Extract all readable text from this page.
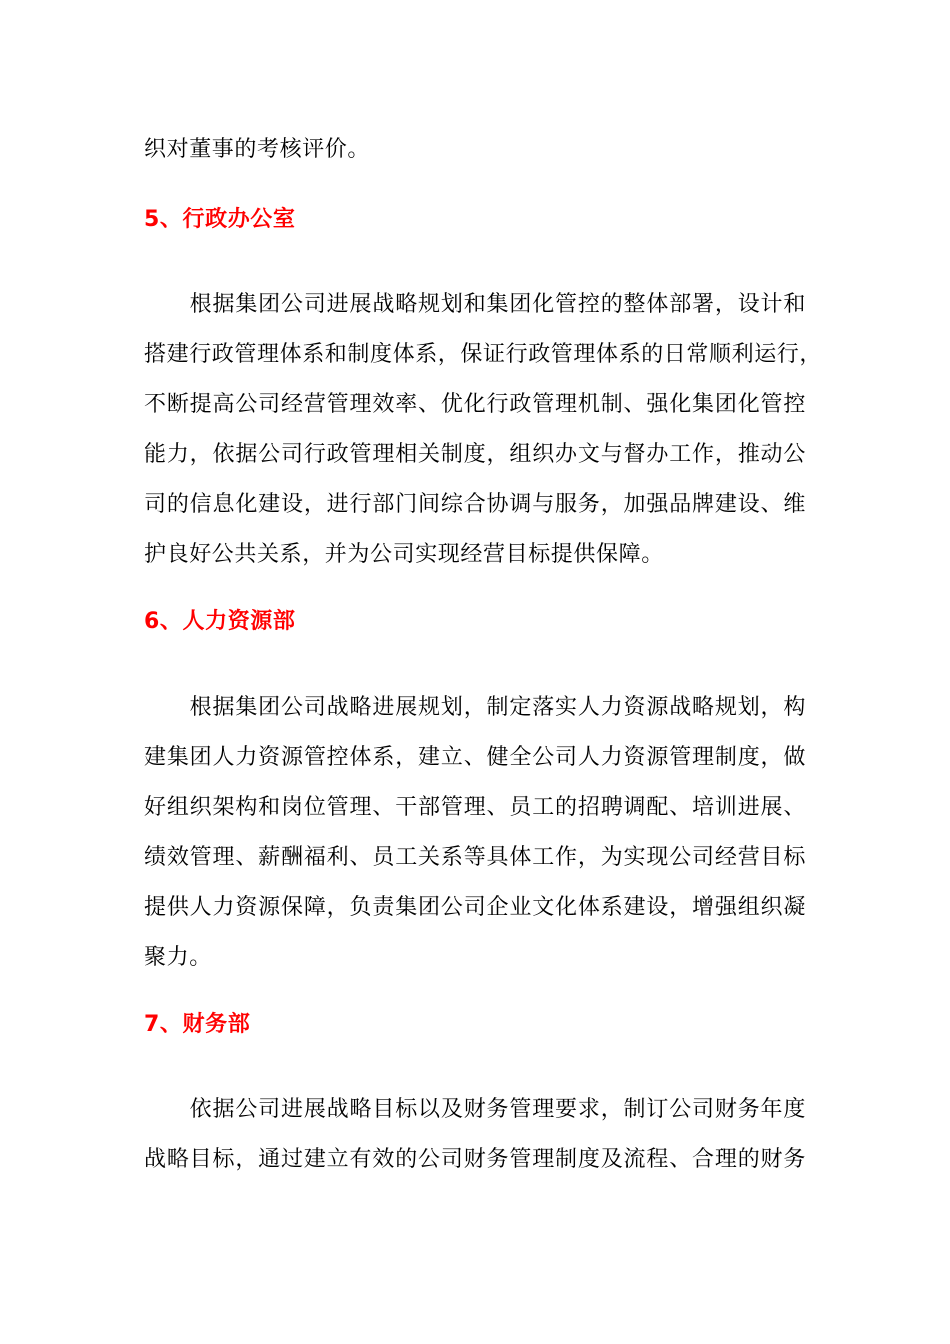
织对董事的考核评价。
5、行政办公室
　　根据集团公司进展战略规划和集团化管控的整体部署，设计和
搭建行政管理体系和制度体系，保证行政管理体系的日常顺利运行，
不断提高公司经营管理效率、优化行政管理机制、强化集团化管控
能力，依据公司行政管理相关制度，组织办文与督办工作，推动公
司的信息化建设，进行部门间综合协调与服务，加强品牌建设、维
护良好公共关系，并为公司实现经营目标提供保障。
6、人力资源部
　　根据集团公司战略进展规划，制定落实人力资源战略规划，构
建集团人力资源管控体系，建立、健全公司人力资源管理制度，做
好组织架构和岗位管理、干部管理、员工的招聘调配、培训进展、
绩效管理、薪酬福利、员工关系等具体工作，为实现公司经营目标
提供人力资源保障，负责集团公司企业文化体系建设，增强组织凝
聚力。
7、财务部
　　依据公司进展战略目标以及财务管理要求，制订公司财务年度
战略目标，通过建立有效的公司财务管理制度及流程、合理的财务
